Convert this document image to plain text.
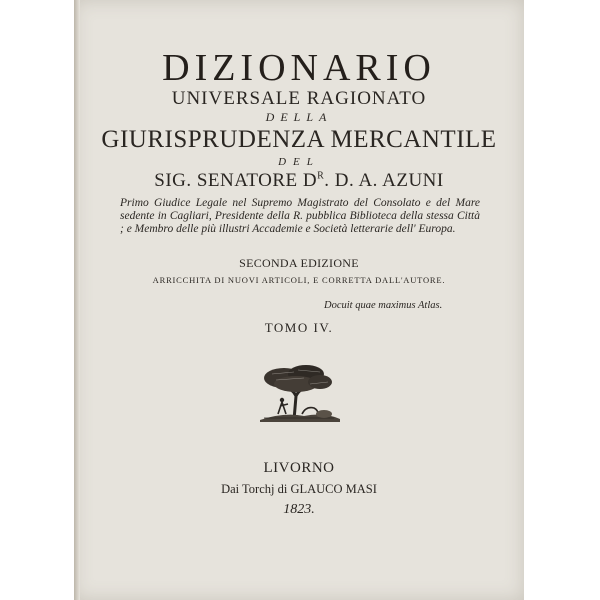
DIZIONARIO
UNIVERSALE RAGIONATO
DELLA
GIURISPRUDENZA MERCANTILE
DEL
SIG. SENATORE $D^R$. D. A. AZUNI
Primo Giudice Legale nel Supremo Magistrato del Consolato e del Mare sedente in Cagliari, Presidente della R. pubblica Biblioteca della stessa Città ; e Membro delle più illustri Accademie e Società letterarie dell' Europa.
SECONDA EDIZIONE
ARRICCHITA DI NUOVI ARTICOLI, E CORRETTA DALL'AUTORE.
Docuit quae maximus Atlas.
TOMO IV.
LIVORNO
Dai Torchj di GLAUCO MASI
1823.
